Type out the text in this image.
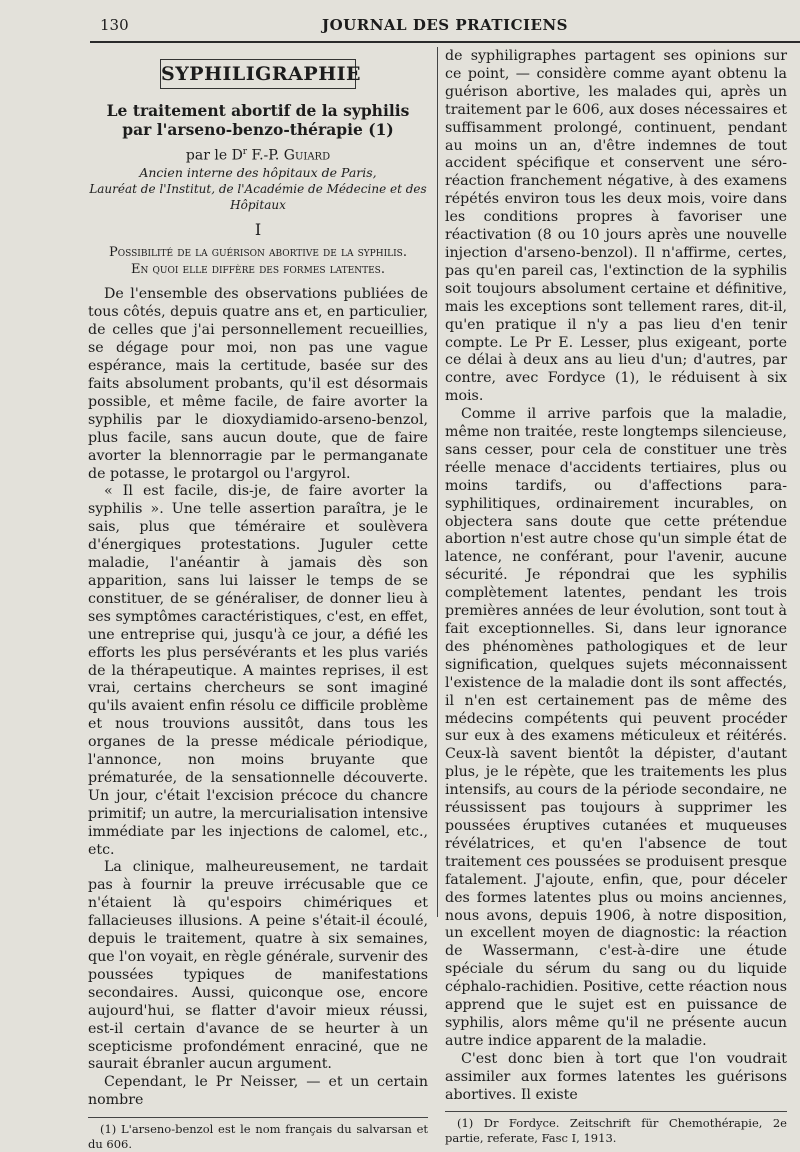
130	JOURNAL DES PRATICIENS
SYPHILIGRAPHIE
Le traitement abortif de la syphilis
par l'arseno-benzo-thérapie (1)
par le $D^r$ F.-P. Guiard
Ancien interne des hôpitaux de Paris,
Lauréat de l'Institut, de l'Académie de Médecine et des Hôpitaux
I
Possibilité de la guérison abortive de la syphilis.
En quoi elle diffère des formes latentes.

De l'ensemble des observations publiées de tous côtés, depuis quatre ans et, en particulier, de celles que j'ai personnellement recueillies, se dégage pour moi, non pas une vague espérance, mais la certitude, basée sur des faits absolument probants, qu'il est désormais possible, et même facile, de faire avorter la syphilis par le dioxydiamido-arseno-benzol, plus facile, sans aucun doute, que de faire avorter la blennorragie par le permanganate de potasse, le protargol ou l'argyrol.

« Il est facile, dis-je, de faire avorter la syphilis ». Une telle assertion paraîtra, je le sais, plus que téméraire et soulèvera d'énergiques protestations. Juguler cette maladie, l'anéantir à jamais dès son apparition, sans lui laisser le temps de se constituer, de se généraliser, de donner lieu à ses symptômes caractéristiques, c'est, en effet, une entreprise qui, jusqu'à ce jour, a défié les efforts les plus persévérants et les plus variés de la thérapeutique. A maintes reprises, il est vrai, certains chercheurs se sont imaginé qu'ils avaient enfin résolu ce difficile problème et nous trouvions aussitôt, dans tous les organes de la presse médicale périodique, l'annonce, non moins bruyante que prématurée, de la sensationnelle découverte. Un jour, c'était l'excision précoce du chancre primitif; un autre, la mercurialisation intensive immédiate par les injections de calomel, etc., etc.

La clinique, malheureusement, ne tardait pas à fournir la preuve irrécusable que ce n'étaient là qu'espoirs chimériques et fallacieuses illusions. A peine s'était-il écoulé, depuis le traitement, quatre à six semaines, que l'on voyait, en règle générale, survenir des poussées typiques de manifestations secondaires. Aussi, quiconque ose, encore aujourd'hui, se flatter d'avoir mieux réussi, est-il certain d'avance de se heurter à un scepticisme profondément enraciné, que ne saurait ébranler aucun argument.

Cependant, le Pr Neisser, — et un certain nombre

(1) L'arseno-benzol est le nom français du salvarsan et du 606.

de syphiligraphes partagent ses opinions sur ce point, — considère comme ayant obtenu la guérison abortive, les malades qui, après un traitement par le 606, aux doses nécessaires et suffisamment prolongé, continuent, pendant au moins un an, d'être indemnes de tout accident spécifique et conservent une séro-réaction franchement négative, à des examens répétés environ tous les deux mois, voire dans les conditions propres à favoriser une réactivation (8 ou 10 jours après une nouvelle injection d'arseno-benzol). Il n'affirme, certes, pas qu'en pareil cas, l'extinction de la syphilis soit toujours absolument certaine et définitive, mais les exceptions sont tellement rares, dit-il, qu'en pratique il n'y a pas lieu d'en tenir compte. Le Pr E. Lesser, plus exigeant, porte ce délai à deux ans au lieu d'un; d'autres, par contre, avec Fordyce (1), le réduisent à six mois.

Comme il arrive parfois que la maladie, même non traitée, reste longtemps silencieuse, sans cesser, pour cela de constituer une très réelle menace d'accidents tertiaires, plus ou moins tardifs, ou d'affections para-syphilitiques, ordinairement incurables, on objectera sans doute que cette prétendue abortion n'est autre chose qu'un simple état de latence, ne conférant, pour l'avenir, aucune sécurité. Je répondrai que les syphilis complètement latentes, pendant les trois premières années de leur évolution, sont tout à fait exceptionnelles. Si, dans leur ignorance des phénomènes pathologiques et de leur signification, quelques sujets méconnaissent l'existence de la maladie dont ils sont affectés, il n'en est certainement pas de même des médecins compétents qui peuvent procéder sur eux à des examens méticuleux et réitérés. Ceux-là savent bientôt la dépister, d'autant plus, je le répète, que les traitements les plus intensifs, au cours de la période secondaire, ne réussissent pas toujours à supprimer les poussées éruptives cutanées et muqueuses révélatrices, et qu'en l'absence de tout traitement ces poussées se produisent presque fatalement. J'ajoute, enfin, que, pour déceler des formes latentes plus ou moins anciennes, nous avons, depuis 1906, à notre disposition, un excellent moyen de diagnostic: la réaction de Wassermann, c'est-à-dire une étude spéciale du sérum du sang ou du liquide céphalo-rachidien. Positive, cette réaction nous apprend que le sujet est en puissance de syphilis, alors même qu'il ne présente aucun autre indice apparent de la maladie.

C'est donc bien à tort que l'on voudrait assimiler aux formes latentes les guérisons abortives. Il existe

(1) Dr Fordyce. Zeitschrift für Chemothérapie, 2e partie, referate, Fasc I, 1913.
